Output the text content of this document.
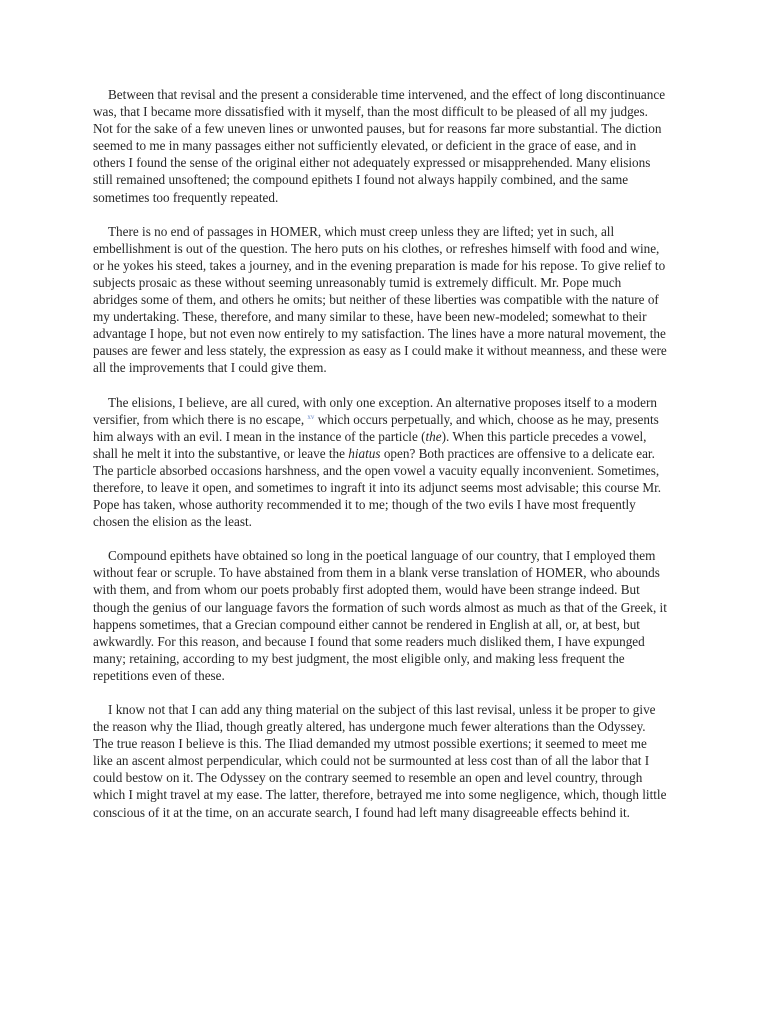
Between that revisal and the present a considerable time intervened, and the effect of long discontinuance was, that I became more dissatisfied with it myself, than the most difficult to be pleased of all my judges. Not for the sake of a few uneven lines or unwonted pauses, but for reasons far more substantial. The diction seemed to me in many passages either not sufficiently elevated, or deficient in the grace of ease, and in others I found the sense of the original either not adequately expressed or misapprehended. Many elisions still remained unsoftened; the compound epithets I found not always happily combined, and the same sometimes too frequently repeated.

There is no end of passages in HOMER, which must creep unless they are lifted; yet in such, all embellishment is out of the question. The hero puts on his clothes, or refreshes himself with food and wine, or he yokes his steed, takes a journey, and in the evening preparation is made for his repose. To give relief to subjects prosaic as these without seeming unreasonably tumid is extremely difficult. Mr. Pope much abridges some of them, and others he omits; but neither of these liberties was compatible with the nature of my undertaking. These, therefore, and many similar to these, have been new-modeled; somewhat to their advantage I hope, but not even now entirely to my satisfaction. The lines have a more natural movement, the pauses are fewer and less stately, the expression as easy as I could make it without meanness, and these were all the improvements that I could give them.

The elisions, I believe, are all cured, with only one exception. An alternative proposes itself to a modern versifier, from which there is no escape, $^{xv}$ which occurs perpetually, and which, choose as he may, presents him always with an evil. I mean in the instance of the particle (the). When this particle precedes a vowel, shall he melt it into the substantive, or leave the hiatus open? Both practices are offensive to a delicate ear. The particle absorbed occasions harshness, and the open vowel a vacuity equally inconvenient. Sometimes, therefore, to leave it open, and sometimes to ingraft it into its adjunct seems most advisable; this course Mr. Pope has taken, whose authority recommended it to me; though of the two evils I have most frequently chosen the elision as the least.

Compound epithets have obtained so long in the poetical language of our country, that I employed them without fear or scruple. To have abstained from them in a blank verse translation of HOMER, who abounds with them, and from whom our poets probably first adopted them, would have been strange indeed. But though the genius of our language favors the formation of such words almost as much as that of the Greek, it happens sometimes, that a Grecian compound either cannot be rendered in English at all, or, at best, but awkwardly. For this reason, and because I found that some readers much disliked them, I have expunged many; retaining, according to my best judgment, the most eligible only, and making less frequent the repetitions even of these.

I know not that I can add any thing material on the subject of this last revisal, unless it be proper to give the reason why the Iliad, though greatly altered, has undergone much fewer alterations than the Odyssey. The true reason I believe is this. The Iliad demanded my utmost possible exertions; it seemed to meet me like an ascent almost perpendicular, which could not be surmounted at less cost than of all the labor that I could bestow on it. The Odyssey on the contrary seemed to resemble an open and level country, through which I might travel at my ease. The latter, therefore, betrayed me into some negligence, which, though little conscious of it at the time, on an accurate search, I found had left many disagreeable effects behind it.
